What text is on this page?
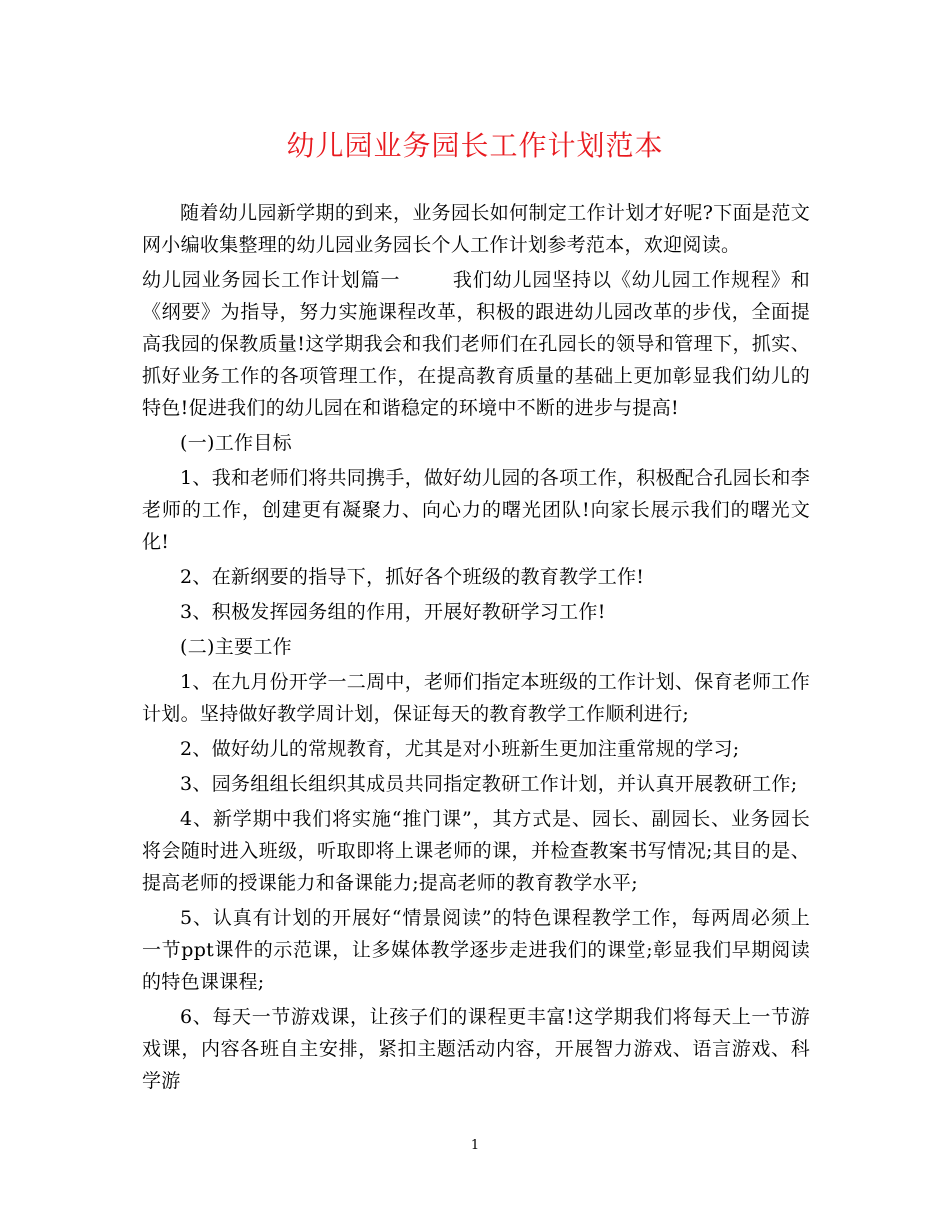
幼儿园业务园长工作计划范本

随着幼儿园新学期的到来，业务园长如何制定工作计划才好呢?下面是范文网小编收集整理的幼儿园业务园长个人工作计划参考范本，欢迎阅读。

幼儿园业务园长工作计划篇一	我们幼儿园坚持以《幼儿园工作规程》和《纲要》为指导，努力实施课程改革，积极的跟进幼儿园改革的步伐，全面提高我园的保教质量!这学期我会和我们老师们在孔园长的领导和管理下，抓实、抓好业务工作的各项管理工作，在提高教育质量的基础上更加彰显我们幼儿的特色!促进我们的幼儿园在和谐稳定的环境中不断的进步与提高!

(一)工作目标

1、我和老师们将共同携手，做好幼儿园的各项工作，积极配合孔园长和李老师的工作，创建更有凝聚力、向心力的曙光团队!向家长展示我们的曙光文化!

2、在新纲要的指导下，抓好各个班级的教育教学工作!

3、积极发挥园务组的作用，开展好教研学习工作!

(二)主要工作

1、在九月份开学一二周中，老师们指定本班级的工作计划、保育老师工作计划。坚持做好教学周计划，保证每天的教育教学工作顺利进行;

2、做好幼儿的常规教育，尤其是对小班新生更加注重常规的学习;

3、园务组组长组织其成员共同指定教研工作计划，并认真开展教研工作;

4、新学期中我们将实施“推门课”，其方式是、园长、副园长、业务园长将会随时进入班级，听取即将上课老师的课，并检查教案书写情况;其目的是、提高老师的授课能力和备课能力;提高老师的教育教学水平;

5、认真有计划的开展好“情景阅读”的特色课程教学工作，每两周必须上一节ppt课件的示范课，让多媒体教学逐步走进我们的课堂;彰显我们早期阅读的特色课课程;

6、每天一节游戏课，让孩子们的课程更丰富!这学期我们将每天上一节游戏课，内容各班自主安排，紧扣主题活动内容，开展智力游戏、语言游戏、科学游

1
